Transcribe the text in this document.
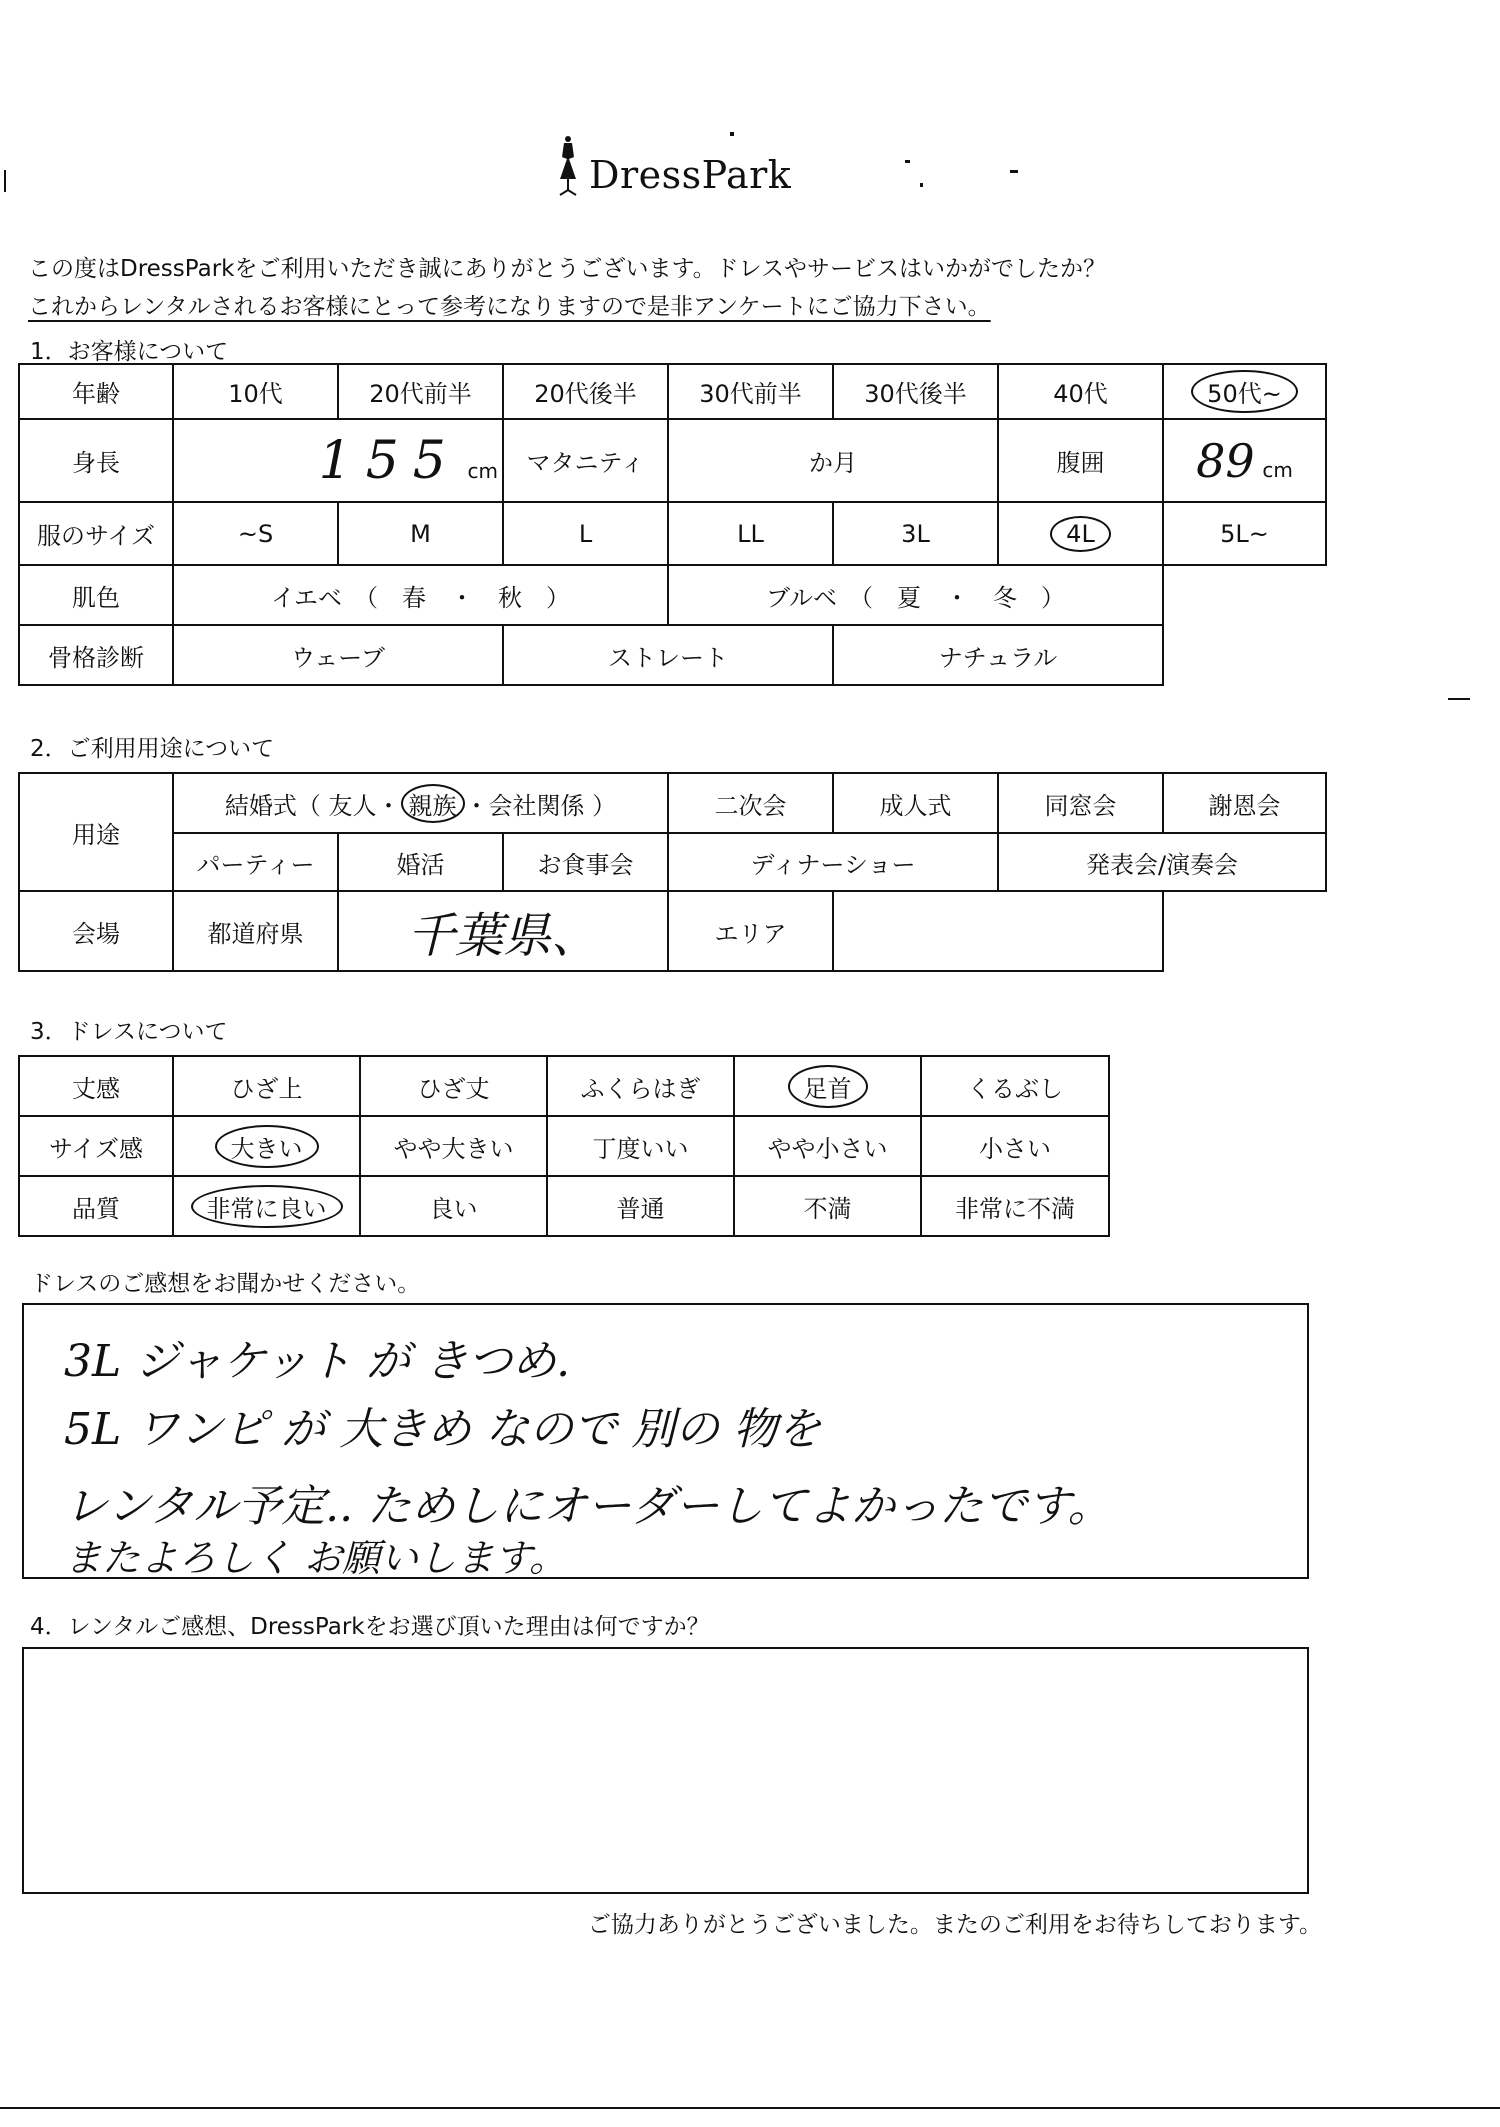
DressPark
この度はDressParkをご利用いただき誠にありがとうございます。ドレスやサービスはいかがでしたか？
これからレンタルされるお客様にとって参考になりますので是非アンケートにご協力下さい。
1．お客様について
年齢	10代	20代前半	20代後半	30代前半	30代後半	40代	50代~
身長	155 cm		マタニティ	か月		腹囲	89 cm
服のサイズ	~S	M	L	LL	3L	4L	5L~
肌色	イエベ　（　春　・　秋　）			ブルベ　（　夏　・　冬　）			
骨格診断	ウェーブ		ストレート		ナチュラル		
2．ご利用用途について
用途	結婚式（ 友人・ 親族 ・会社関係 ）			二次会	成人式	同窓会	謝恩会
	パーティー	婚活	お食事会	ディナーショー		発表会/演奏会	
会場	都道府県	千葉県、		エリア			
3．ドレスについて
丈感	ひざ上	ひざ丈	ふくらはぎ	足首	くるぶし
サイズ感	大きい	やや大きい	丁度いい	やや小さい	小さい
品質	非常に良い	良い	普通	不満	非常に不満
ドレスのご感想をお聞かせください。
3L ジャケット が きつめ.
5L ワンピ が 大きめ なので 別の 物を
レンタル予定.. ためしにオーダーしてよかったです。
またよろしく お願いします。
4．レンタルご感想、DressParkをお選び頂いた理由は何ですか？
ご協力ありがとうございました。またのご利用をお待ちしております。
